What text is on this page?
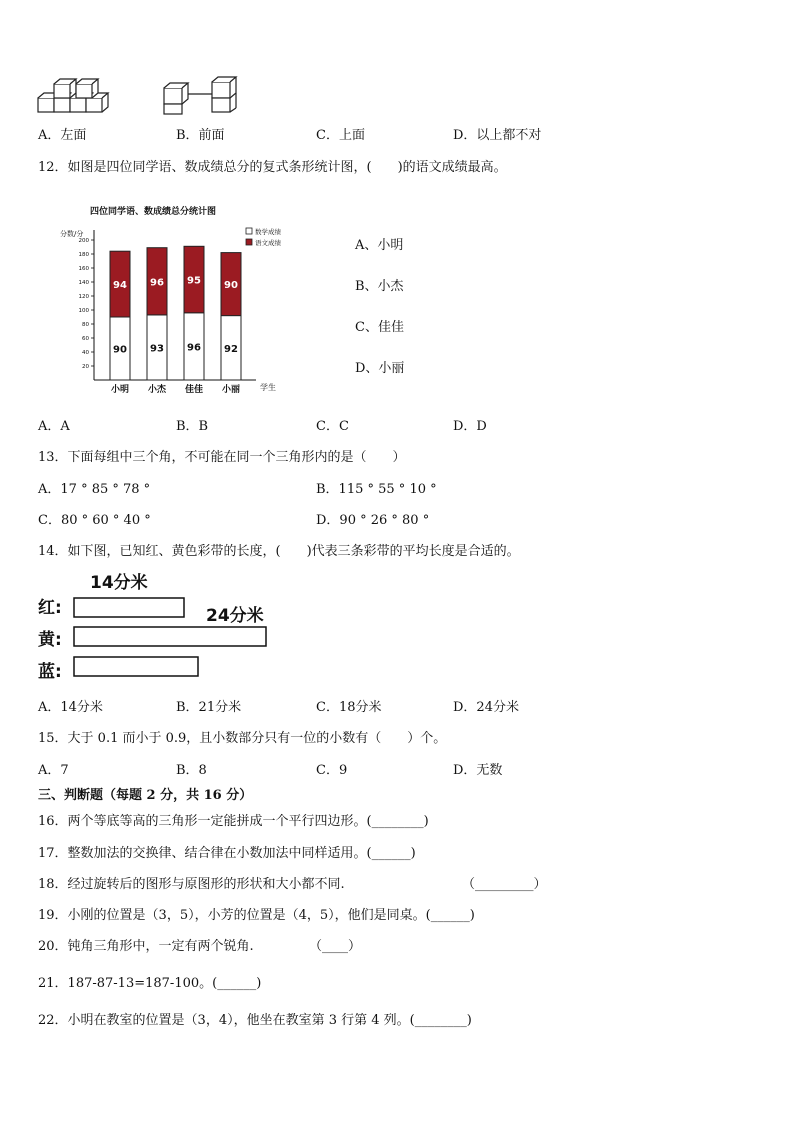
A．左面	B．前面	C．上面	D．以上都不对
12．如图是四位同学语、数成绩总分的复式条形统计图，(　　)的语文成绩最高。
四位同学语、数成绩总分统计图
分数/分
学生
20
40
60
80
100
120
140
160
180
200
90
94
小明
93
96
小杰
96
95
佳佳
92
90
小丽
数学成绩
语文成绩	A、小明
B、小杰
C、佳佳
D、小丽
A．A	B．B	C．C	D．D
13．下面每组中三个角，不可能在同一个三角形内的是（　　）
A．17 ° 85 ° 78 °	B．115 ° 55 ° 10 °
C．80 ° 60 ° 40 °	D．90 ° 26 ° 80 °
14．如下图，已知红、黄色彩带的长度，(　　)代表三条彩带的平均长度是合适的。
14分米
红:	24分米
黄:
蓝:
A．14分米	B．21分米	C．18分米	D．24分米
15．大于 0.1 而小于 0.9，且小数部分只有一位的小数有（　　）个。
A．7	B．8	C．9	D．无数
三、判断题（每题 2 分，共 16 分）
16．两个等底等高的三角形一定能拼成一个平行四边形。(________)
17．整数加法的交换律、结合律在小数加法中同样适用。(______)
18．经过旋转后的图形与原图形的形状和大小都不同.	（_________）
19．小刚的位置是（3，5），小芳的位置是（4，5），他们是同桌。(______)
20．钝角三角形中，一定有两个锐角.	（____）
21．187-87-13=187-100。(______)
22．小明在教室的位置是（3，4），他坐在教室第 3 行第 4 列。(________)
